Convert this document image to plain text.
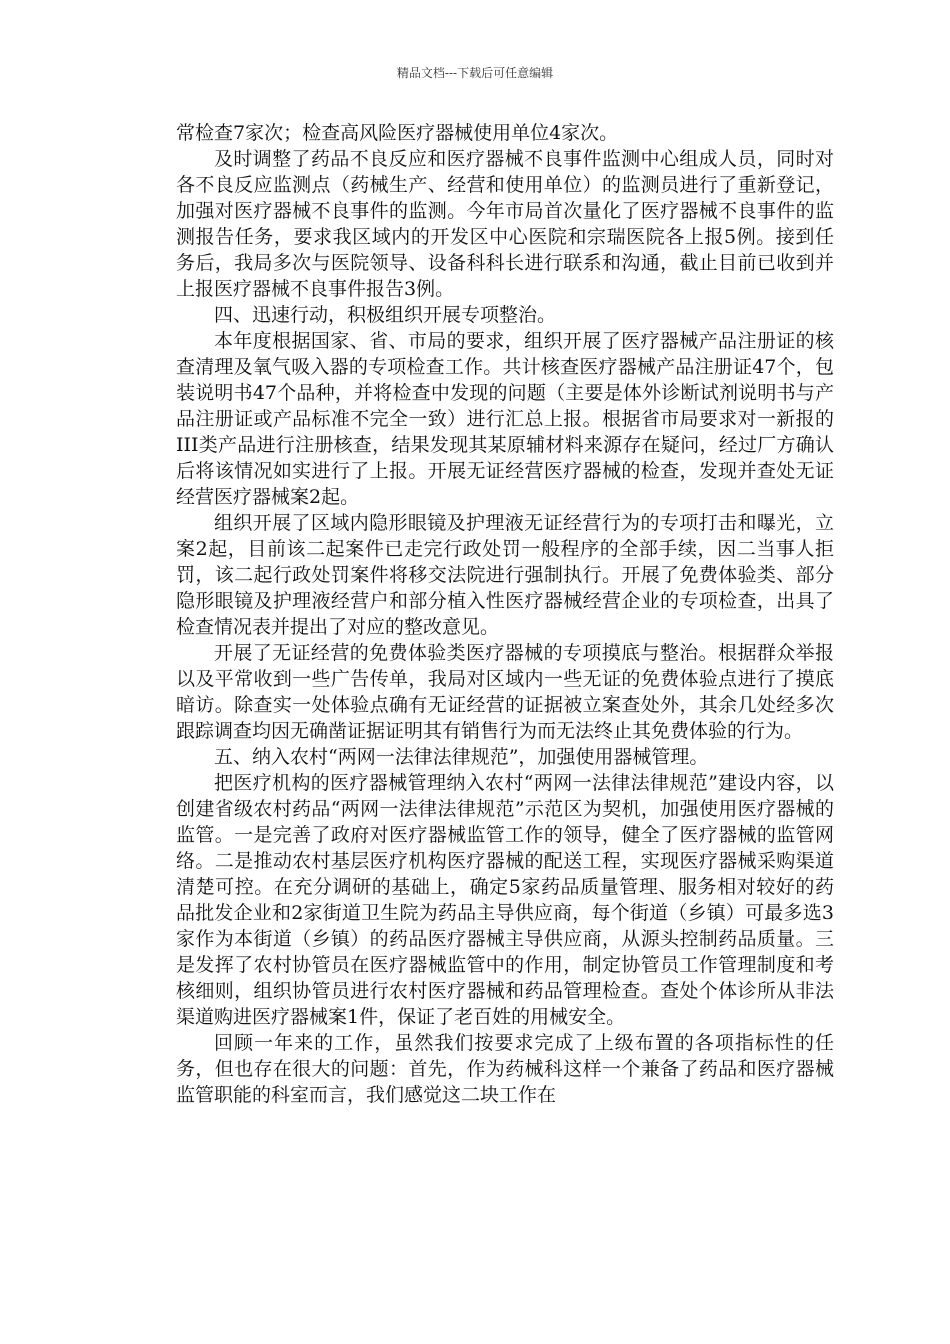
精品文档---下载后可任意编辑

常检查7家次；检查高风险医疗器械使用单位4家次。

及时调整了药品不良反应和医疗器械不良事件监测中心组成人员，同时对各不良反应监测点（药械生产、经营和使用单位）的监测员进行了重新登记，加强对医疗器械不良事件的监测。今年市局首次量化了医疗器械不良事件的监测报告任务，要求我区域内的开发区中心医院和宗瑞医院各上报5例。接到任务后，我局多次与医院领导、设备科科长进行联系和沟通，截止目前已收到并上报医疗器械不良事件报告3例。

四、迅速行动，积极组织开展专项整治。

本年度根据国家、省、市局的要求，组织开展了医疗器械产品注册证的核查清理及氧气吸入器的专项检查工作。共计核查医疗器械产品注册证47个，包装说明书47个品种，并将检查中发现的问题（主要是体外诊断试剂说明书与产品注册证或产品标准不完全一致）进行汇总上报。根据省市局要求对一新报的III类产品进行注册核查，结果发现其某原辅材料来源存在疑问，经过厂方确认后将该情况如实进行了上报。开展无证经营医疗器械的检查，发现并查处无证经营医疗器械案2起。

组织开展了区域内隐形眼镜及护理液无证经营行为的专项打击和曝光，立案2起，目前该二起案件已走完行政处罚一般程序的全部手续，因二当事人拒罚，该二起行政处罚案件将移交法院进行强制执行。开展了免费体验类、部分隐形眼镜及护理液经营户和部分植入性医疗器械经营企业的专项检查，出具了检查情况表并提出了对应的整改意见。

开展了无证经营的免费体验类医疗器械的专项摸底与整治。根据群众举报以及平常收到一些广告传单，我局对区域内一些无证的免费体验点进行了摸底暗访。除查实一处体验点确有无证经营的证据被立案查处外，其余几处经多次跟踪调查均因无确凿证据证明其有销售行为而无法终止其免费体验的行为。

五、纳入农村“两网一法律法律规范”，加强使用器械管理。

把医疗机构的医疗器械管理纳入农村“两网一法律法律规范”建设内容，以创建省级农村药品“两网一法律法律规范”示范区为契机，加强使用医疗器械的监管。一是完善了政府对医疗器械监管工作的领导，健全了医疗器械的监管网络。二是推动农村基层医疗机构医疗器械的配送工程，实现医疗器械采购渠道清楚可控。在充分调研的基础上，确定5家药品质量管理、服务相对较好的药品批发企业和2家街道卫生院为药品主导供应商，每个街道（乡镇）可最多选3家作为本街道（乡镇）的药品医疗器械主导供应商，从源头控制药品质量。三是发挥了农村协管员在医疗器械监管中的作用，制定协管员工作管理制度和考核细则，组织协管员进行农村医疗器械和药品管理检查。查处个体诊所从非法渠道购进医疗器械案1件，保证了老百姓的用械安全。

回顾一年来的工作，虽然我们按要求完成了上级布置的各项指标性的任务，但也存在很大的问题：首先，作为药械科这样一个兼备了药品和医疗器械监管职能的科室而言，我们感觉这二块工作在
